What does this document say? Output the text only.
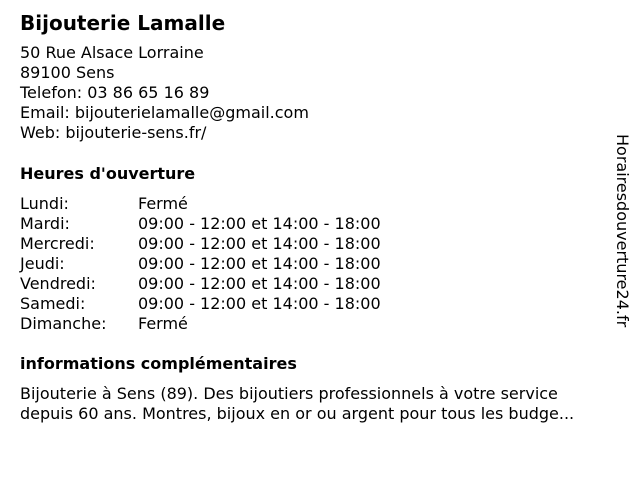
Bijouterie Lamalle
50 Rue Alsace Lorraine
89100 Sens
Telefon: 03 86 65 16 89
Email: bijouterielamalle@gmail.com
Web: bijouterie-sens.fr/
Heures d'ouverture
Lundi:	Fermé
Mardi:	09:00 - 12:00 et 14:00 - 18:00
Mercredi:	09:00 - 12:00 et 14:00 - 18:00
Jeudi:	09:00 - 12:00 et 14:00 - 18:00
Vendredi:	09:00 - 12:00 et 14:00 - 18:00
Samedi:	09:00 - 12:00 et 14:00 - 18:00
Dimanche: Fermé
informations complémentaires
Bijouterie à Sens (89). Des bijoutiers professionnels à votre service
depuis 60 ans. Montres, bijoux en or ou argent pour tous les budge...
Horairesdouverture24.fr
